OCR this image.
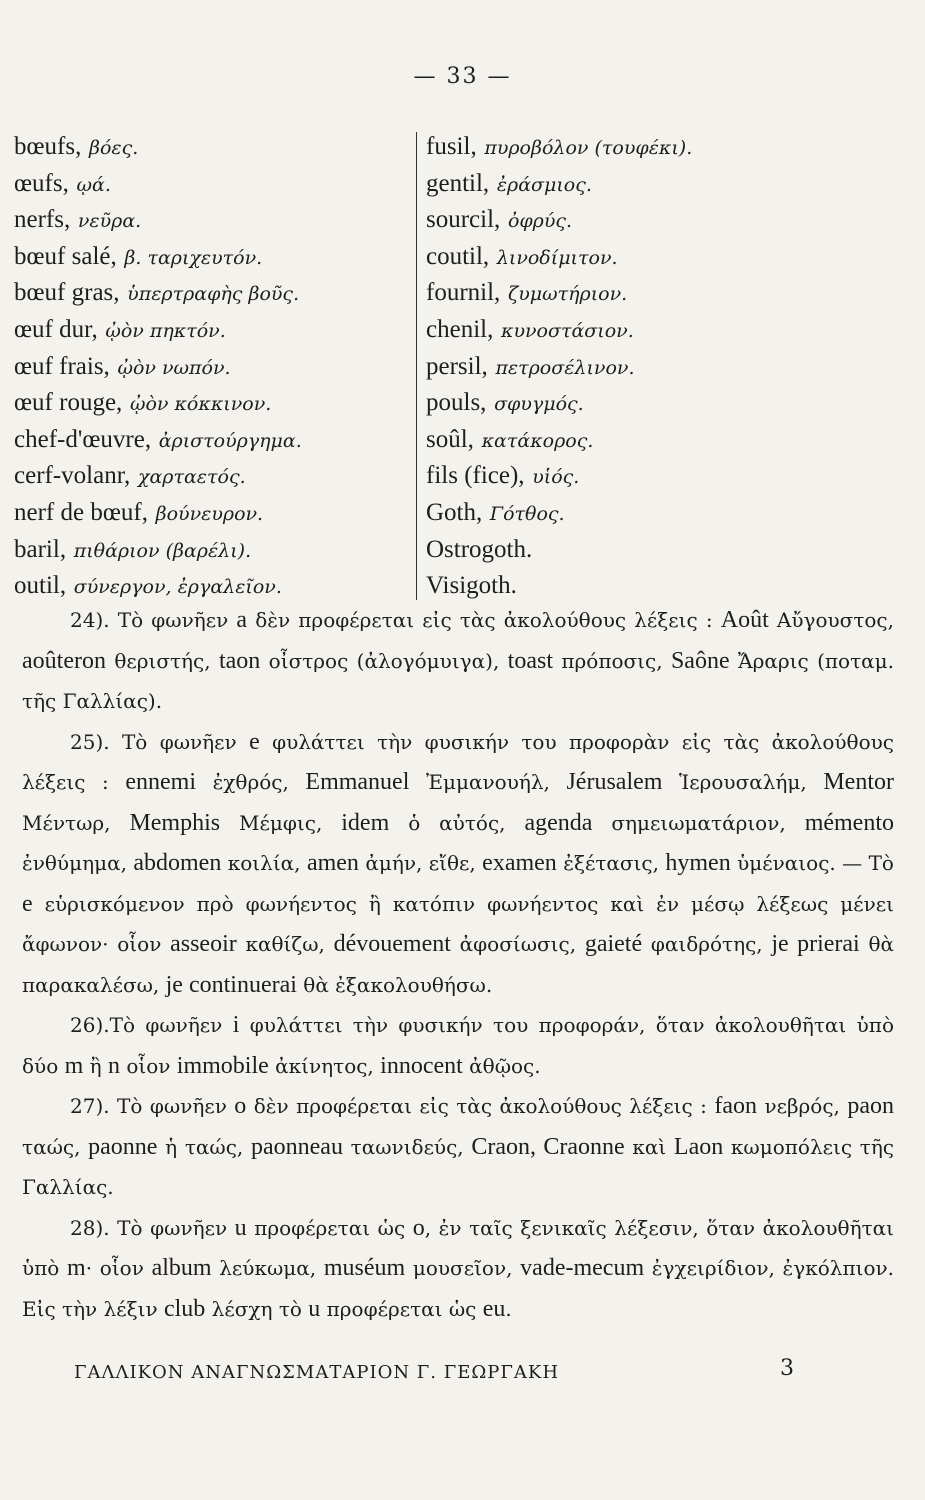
— 33 —
bœufs, βόες.
œufs, ῳά.
nerfs, νεῦρα.
bœuf salé, β. ταριχευτόν.
bœuf gras, ὑπερτραφὴς βοῦς.
œuf dur, ᾠὸν πηκτόν.
œuf frais, ᾠὸν νωπόν.
œuf rouge, ᾠὸν κόκκινον.
chef-d'œuvre, ἀριστούργημα.
cerf-volanr, χαρταετός.
nerf de bœuf, βούνευρον.
baril, πιθάριον (βαρέλι).
outil, σύνεργον, ἐργαλεῖον.
fusil, πυροβόλον (τουφέκι).
gentil, ἐράσμιος.
sourcil, ὀφρύς.
coutil, λινοδίμιτον.
fournil, ζυμωτήριον.
chenil, κυνοστάσιον.
persil, πετροσέλινον.
pouls, σφυγμός.
soûl, κατάκορος.
fils (fice), υἱός.
Goth, Γότθος.
Ostrogoth.
Visigoth.

24). Τὸ φωνῆεν a δὲν προφέρεται εἰς τὰς ἀκολούθους λέξεις : Août Αὔγουστος, aoûteron θεριστής, taon οἶστρος (ἀλογόμυιγα), toast πρόποσις, Saône Ἄραρις (ποταμ. τῆς Γαλλίας).

25). Τὸ φωνῆεν e φυλάττει τὴν φυσικήν του προφορὰν εἰς τὰς ἀκολούθους λέξεις : ennemi ἐχθρός, Emmanuel Ἐμμανουήλ, Jérusalem Ἱερουσαλήμ, Mentor Μέντωρ, Memphis Μέμφις, idem ὁ αὐτός, agenda σημειωματάριον, mémento ἐνθύμημα, abdomen κοιλία, amen ἀμήν, εἴθε, examen ἐξέτασις, hymen ὑμέναιος. — Τὸ e εὑρισκόμενον πρὸ φωνήεντος ἢ κατόπιν φωνήεντος καὶ ἐν μέσῳ λέξεως μένει ἄφωνον· οἷον asseoir καθίζω, dévouement ἀφοσίωσις, gaieté φαιδρότης, je prierai θὰ παρακαλέσω, je continuerai θὰ ἐξακολουθήσω.

26).Τὸ φωνῆεν i φυλάττει τὴν φυσικήν του προφοράν, ὅταν ἀκολουθῆται ὑπὸ δύο m ἢ n οἷον immobile ἀκίνητος, innocent ἀθῷος.

27). Τὸ φωνῆεν o δὲν προφέρεται εἰς τὰς ἀκολούθους λέξεις : faon νεβρός, paon ταώς, paonne ἡ ταώς, paonneau ταωνιδεύς, Craon, Craonne καὶ Laon κωμοπόλεις τῆς Γαλλίας.

28). Τὸ φωνῆεν u προφέρεται ὡς o, ἐν ταῖς ξενικαῖς λέξεσιν, ὅταν ἀκολουθῆται ὑπὸ m· οἷον album λεύκωμα, muséum μουσεῖον, vade-mecum ἐγχειρίδιον, ἐγκόλπιον. Εἰς τὴν λέξιν club λέσχη τὸ u προφέρεται ὡς eu.

ΓΑΛΛΙΚΟΝ ΑΝΑΓΝΩΣΜΑΤΑΡΙΟΝ Γ. ΓΕΩΡΓΑΚΗ	3
